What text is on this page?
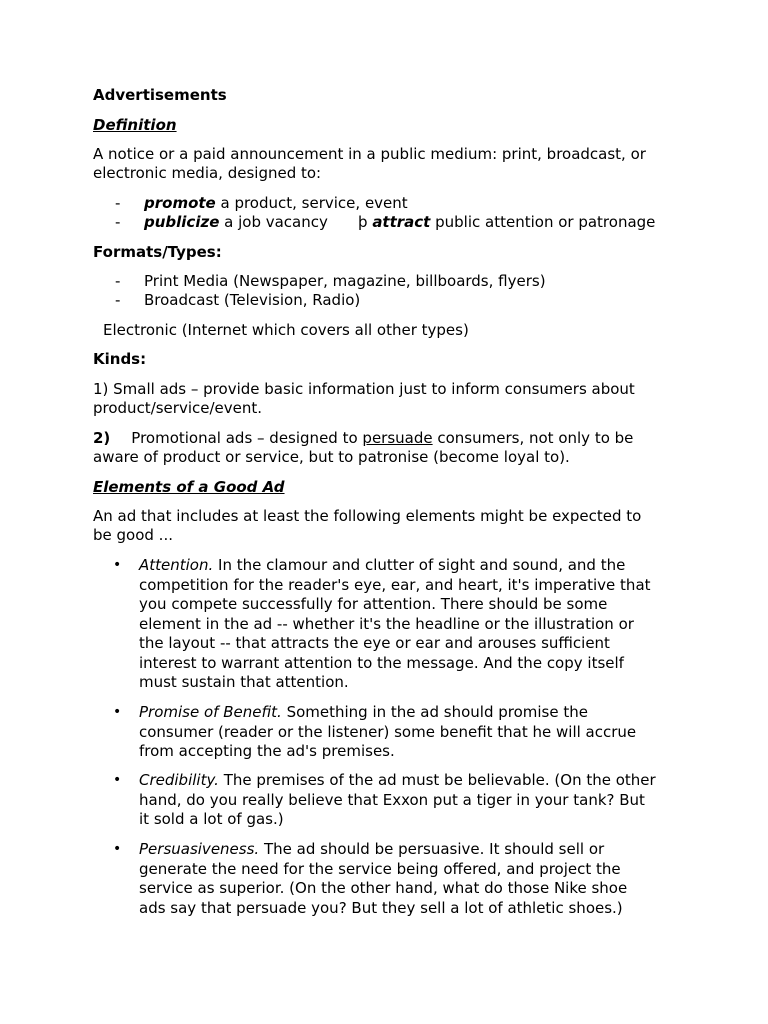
Advertisements
Definition
A notice or a paid announcement in a public medium: print, broadcast, or
electronic media, designed to:
- promote a product, service, event
- publicize a job vacancy þ attract public attention or patronage
Formats/Types:
- Print Media (Newspaper, magazine, billboards, flyers)
- Broadcast (Television, Radio)
Electronic (Internet which covers all other types)
Kinds:
1) Small ads – provide basic information just to inform consumers about
product/service/event.
2) Promotional ads – designed to persuade consumers, not only to be
aware of product or service, but to patronise (become loyal to).
Elements of a Good Ad
An ad that includes at least the following elements might be expected to
be good ...
• Attention. In the clamour and clutter of sight and sound, and the
competition for the reader's eye, ear, and heart, it's imperative that
you compete successfully for attention. There should be some
element in the ad -- whether it's the headline or the illustration or
the layout -- that attracts the eye or ear and arouses sufficient
interest to warrant attention to the message. And the copy itself
must sustain that attention.
• Promise of Benefit. Something in the ad should promise the
consumer (reader or the listener) some benefit that he will accrue
from accepting the ad's premises.
• Credibility. The premises of the ad must be believable. (On the other
hand, do you really believe that Exxon put a tiger in your tank? But
it sold a lot of gas.)
• Persuasiveness. The ad should be persuasive. It should sell or
generate the need for the service being offered, and project the
service as superior. (On the other hand, what do those Nike shoe
ads say that persuade you? But they sell a lot of athletic shoes.)
